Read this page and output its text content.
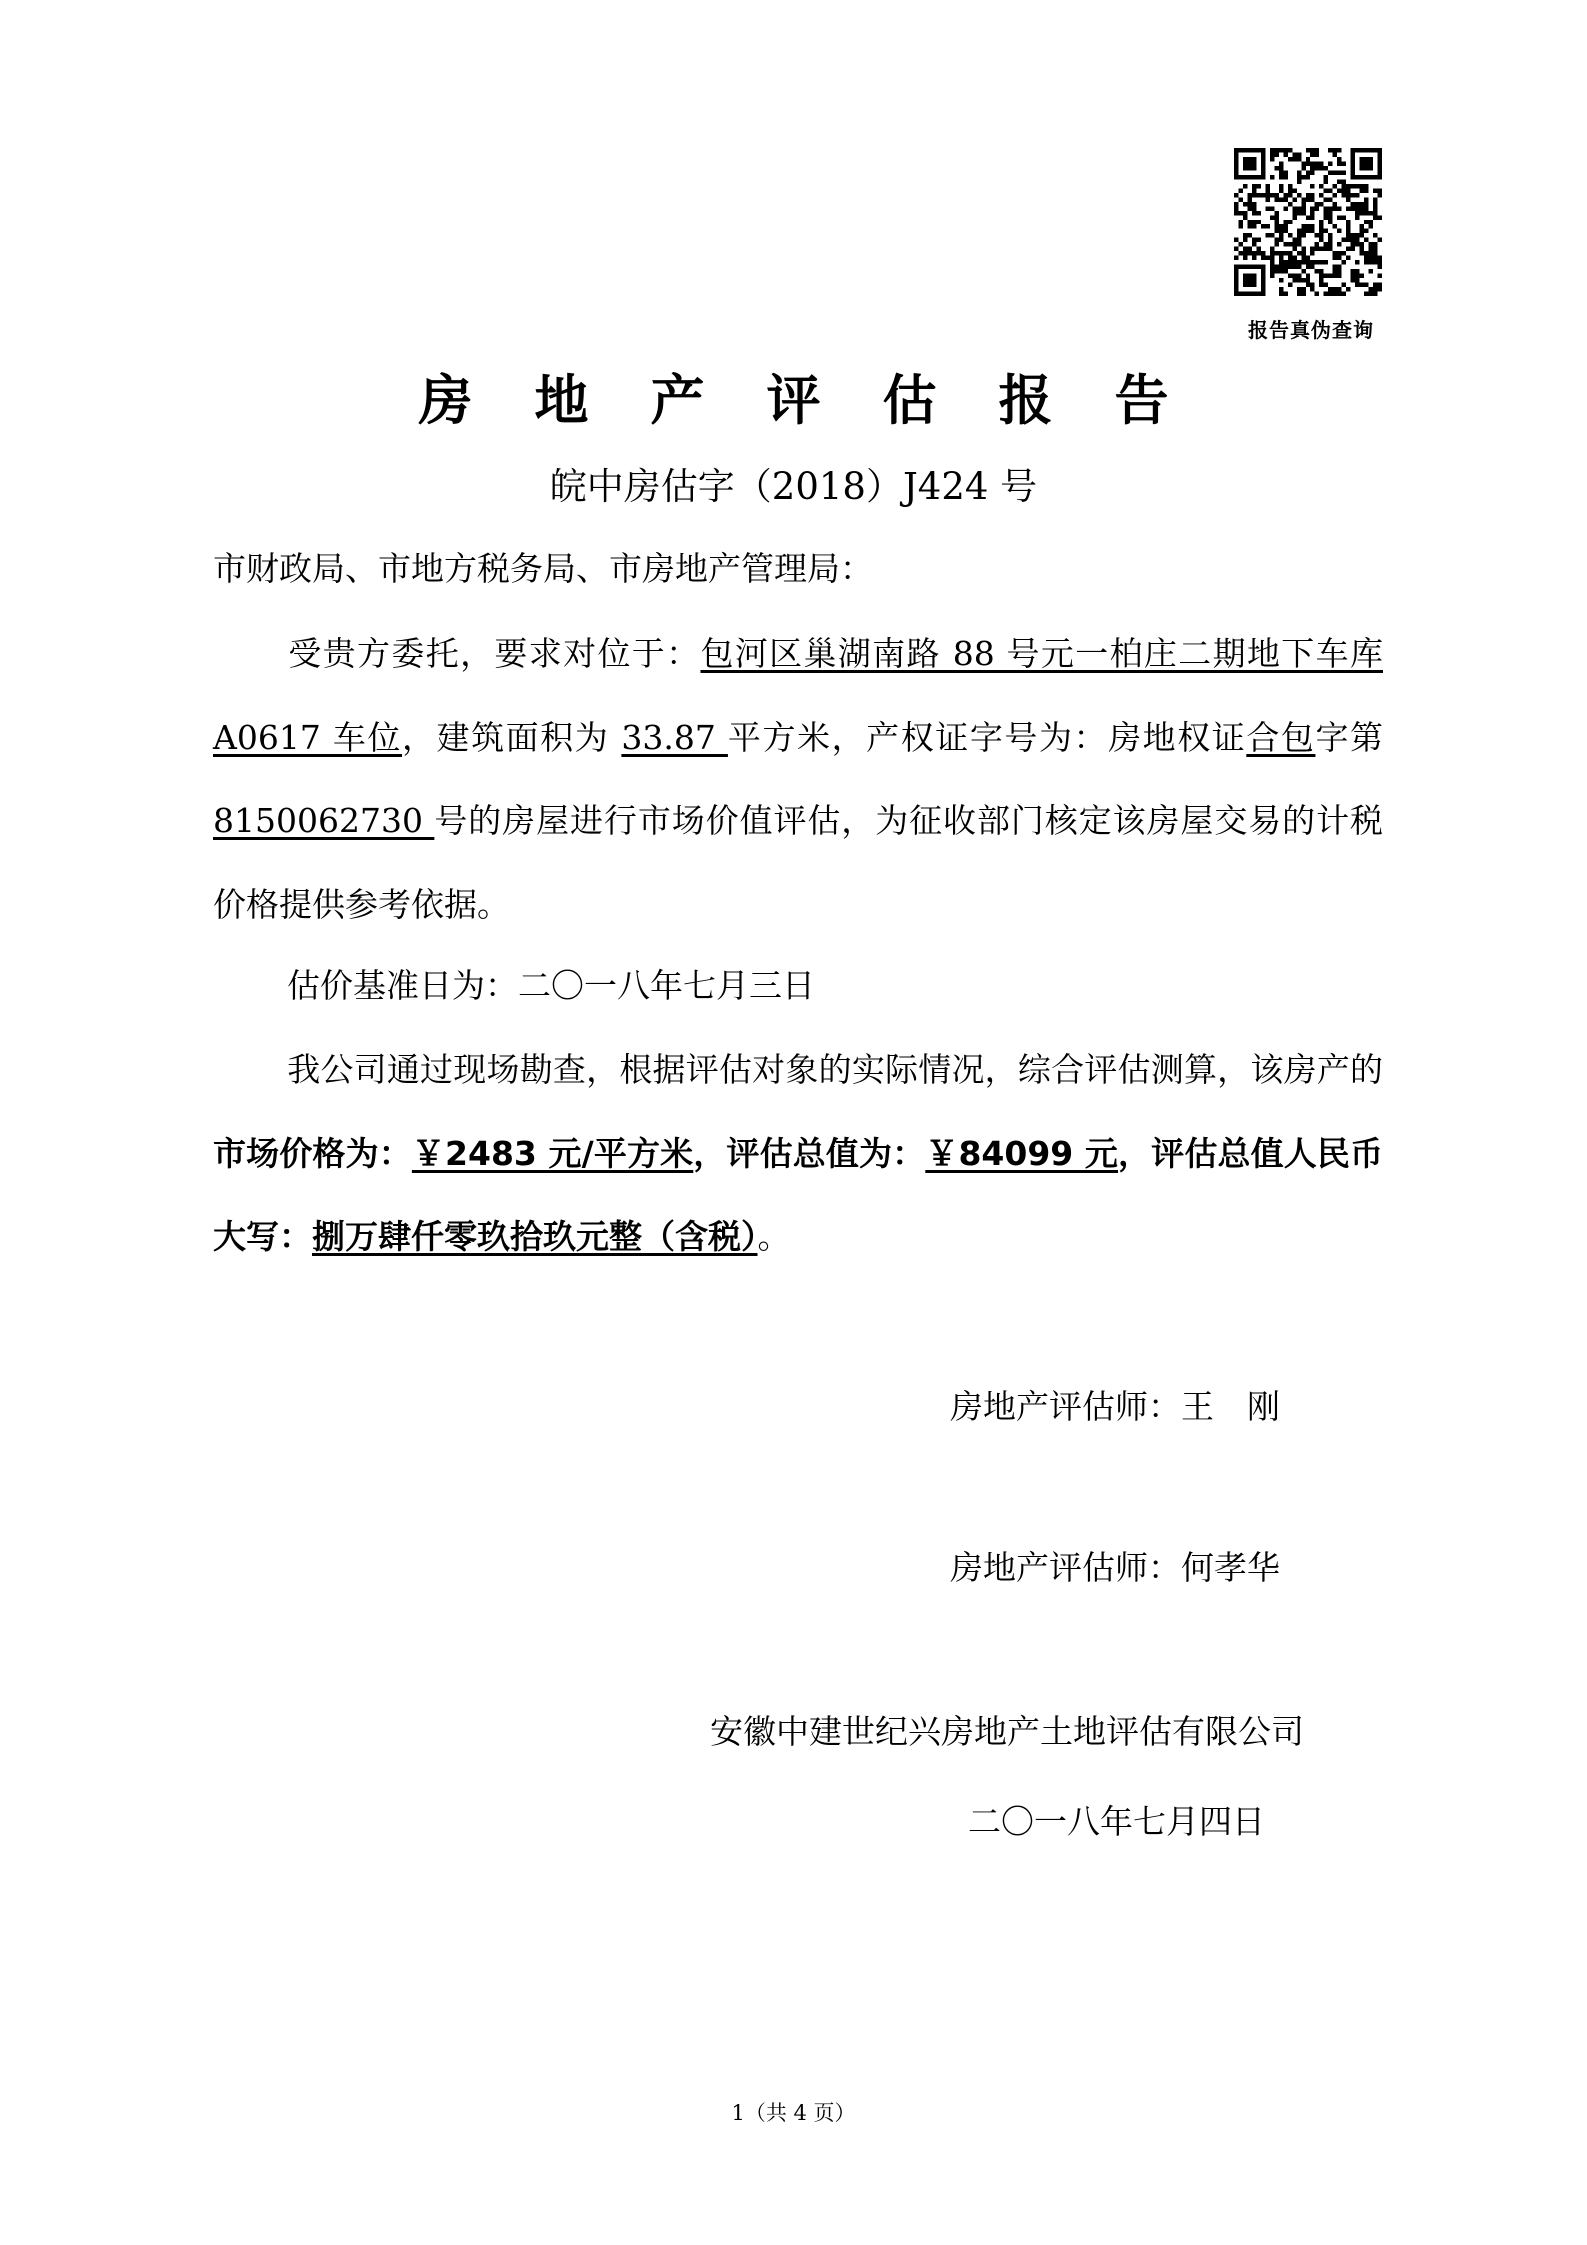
报告真伪查询
房 地 产 评 估 报 告
皖中房估字（2018）J424 号
市财政局、市地方税务局、市房地产管理局：
受贵方委托，要求对位于：包河区巢湖南路 88 号元一柏庄二期地下车库 A0617 车位，建筑面积为 33.87 平方米，产权证字号为：房地权证合包字第 8150062730 号的房屋进行市场价值评估，为征收部门核定该房屋交易的计税价格提供参考依据。
估价基准日为：二〇一八年七月三日
我公司通过现场勘查，根据评估对象的实际情况，综合评估测算，该房产的市场价格为：￥2483 元/平方米，评估总值为：￥84099 元，评估总值人民币大写：捌万肆仟零玖拾玖元整（含税）。
房地产评估师：王　刚
房地产评估师：何孝华
安徽中建世纪兴房地产土地评估有限公司
二〇一八年七月四日
1（共 4 页）
